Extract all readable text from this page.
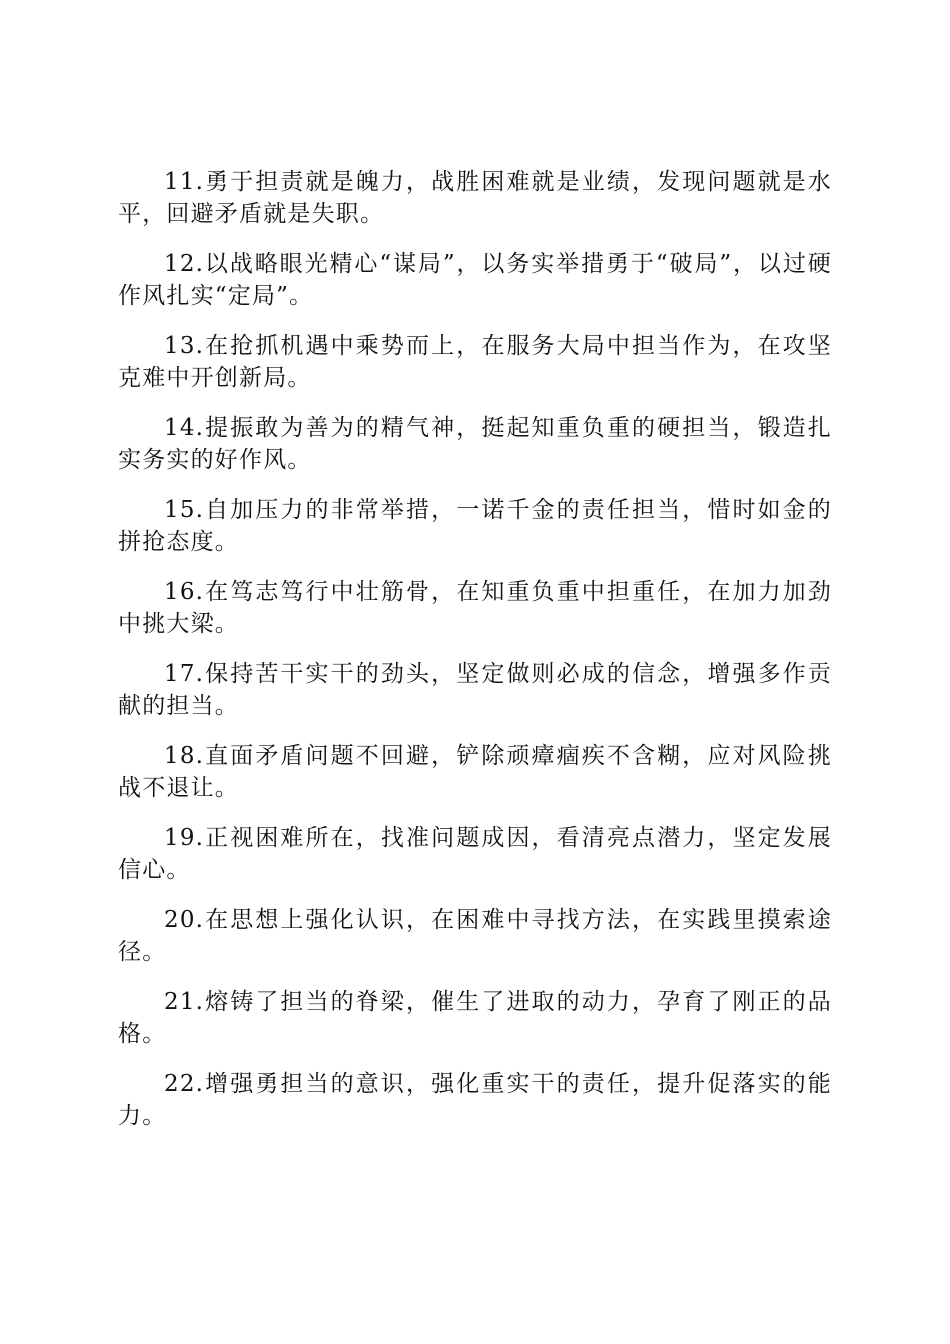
11.勇于担责就是魄力，战胜困难就是业绩，发现问题就是水平，回避矛盾就是失职。

12.以战略眼光精心“谋局”，以务实举措勇于“破局”，以过硬作风扎实“定局”。

13.在抢抓机遇中乘势而上，在服务大局中担当作为，在攻坚克难中开创新局。

14.提振敢为善为的精气神，挺起知重负重的硬担当，锻造扎实务实的好作风。

15.自加压力的非常举措，一诺千金的责任担当，惜时如金的拼抢态度。

16.在笃志笃行中壮筋骨，在知重负重中担重任，在加力加劲中挑大梁。

17.保持苦干实干的劲头，坚定做则必成的信念，增强多作贡献的担当。

18.直面矛盾问题不回避，铲除顽瘴痼疾不含糊，应对风险挑战不退让。

19.正视困难所在，找准问题成因，看清亮点潜力，坚定发展信心。

20.在思想上强化认识，在困难中寻找方法，在实践里摸索途径。

21.熔铸了担当的脊梁，催生了进取的动力，孕育了刚正的品格。

22.增强勇担当的意识，强化重实干的责任，提升促落实的能力。
